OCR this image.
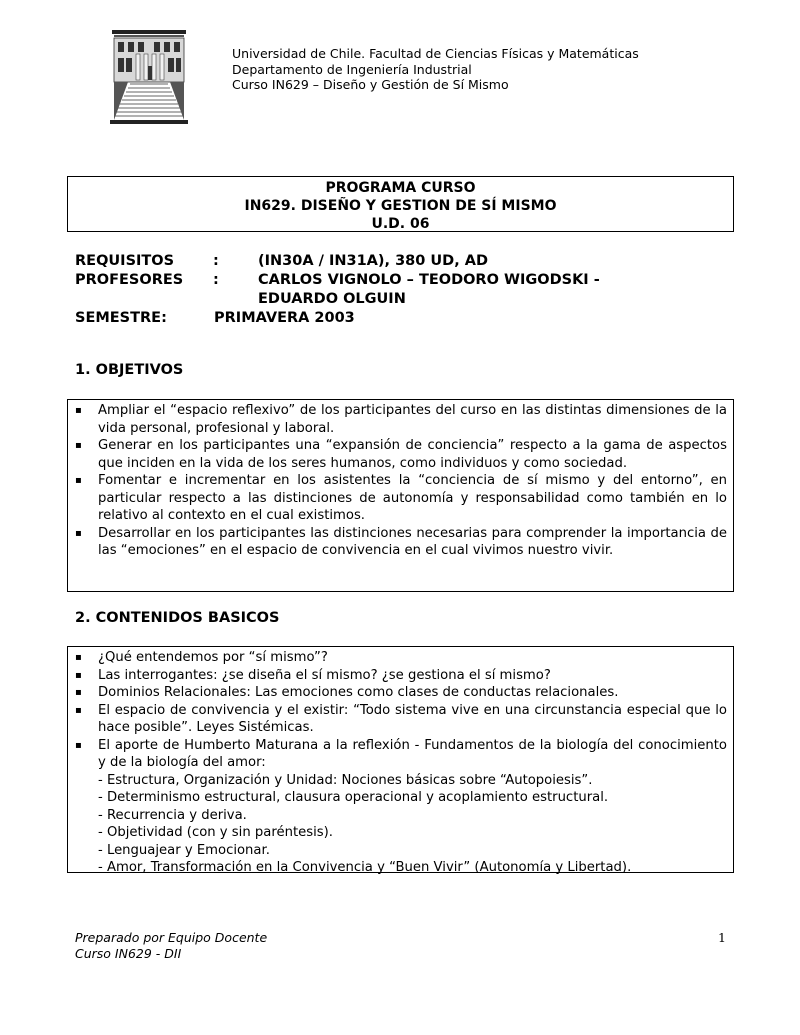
Universidad de Chile. Facultad de Ciencias Físicas y Matemáticas
Departamento de Ingeniería Industrial
Curso IN629 – Diseño y Gestión de Sí Mismo
PROGRAMA CURSO
IN629. DISEÑO Y GESTION DE SÍ MISMO
U.D. 06
REQUISITOS	:	(IN30A / IN31A), 380 UD, AD
PROFESORES :	CARLOS VIGNOLO – TEODORO WIGODSKI -
EDUARDO OLGUIN
SEMESTRE:	PRIMAVERA 2003
1. OBJETIVOS
▪ Ampliar el “espacio reflexivo” de los participantes del curso en las distintas dimensiones de la vida personal, profesional y laboral.
▪ Generar en los participantes una “expansión de conciencia” respecto a la gama de aspectos que inciden en la vida de los seres humanos, como individuos y como sociedad.
▪ Fomentar e incrementar en los asistentes la “conciencia de sí mismo y del entorno”, en particular respecto a las distinciones de autonomía y responsabilidad como también en lo relativo al contexto en el cual existimos.
▪ Desarrollar en los participantes las distinciones necesarias para comprender la importancia de las “emociones” en el espacio de convivencia en el cual vivimos nuestro vivir.
2. CONTENIDOS BASICOS
▪ ¿Qué entendemos por “sí mismo”?
▪ Las interrogantes: ¿se diseña el sí mismo? ¿se gestiona el sí mismo?
▪ Dominios Relacionales: Las emociones como clases de conductas relacionales.
▪ El espacio de convivencia y el existir: “Todo sistema vive en una circunstancia especial que lo hace posible”. Leyes Sistémicas.
▪ El aporte de Humberto Maturana a la reflexión - Fundamentos de la biología del conocimiento y de la biología del amor:
- Estructura, Organización y Unidad: Nociones básicas sobre “Autopoiesis”.
- Determinismo estructural, clausura operacional y acoplamiento estructural.
- Recurrencia y deriva.
- Objetividad (con y sin paréntesis).
- Lenguajear y Emocionar.
- Amor, Transformación en la Convivencia y “Buen Vivir” (Autonomía y Libertad).
Preparado por Equipo Docente
Curso IN629 - DII
1
